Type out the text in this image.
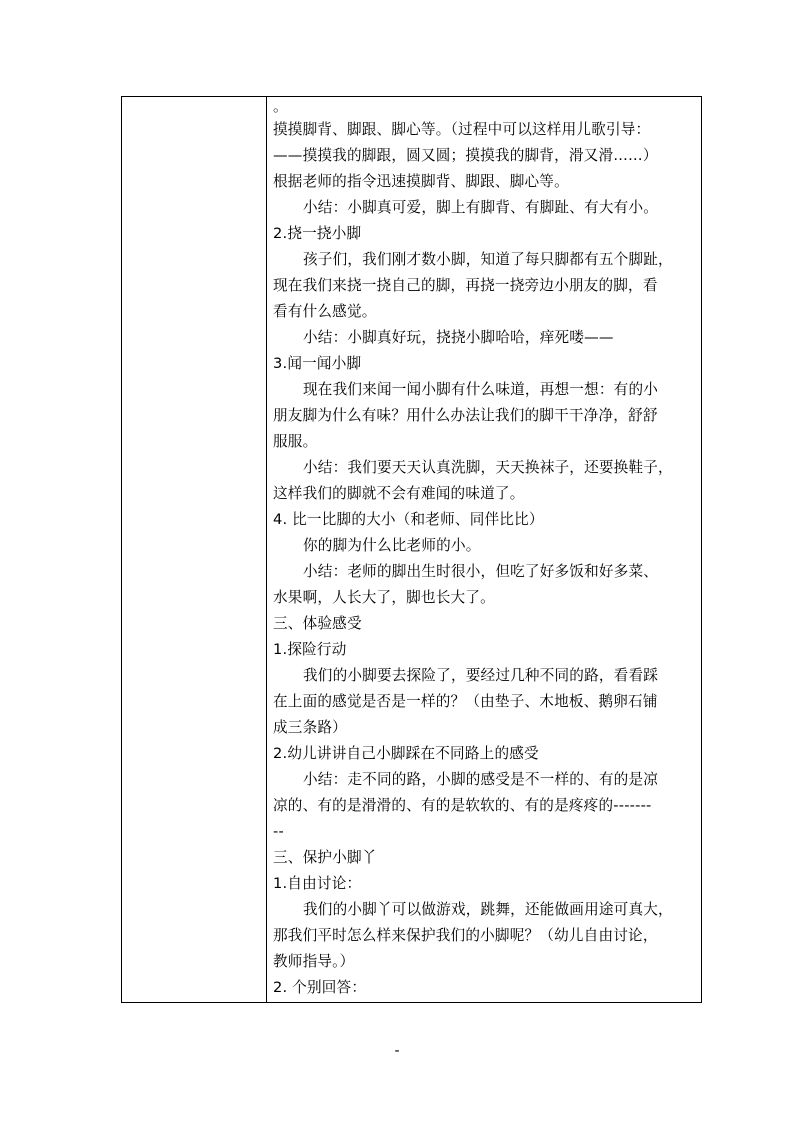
。
摸摸脚背、脚跟、脚心等。（过程中可以这样用儿歌引导：
——摸摸我的脚跟，圆又圆；摸摸我的脚背，滑又滑……）
根据老师的指令迅速摸脚背、脚跟、脚心等。
小结：小脚真可爱，脚上有脚背、有脚趾、有大有小。
2.挠一挠小脚
孩子们，我们刚才数小脚，知道了每只脚都有五个脚趾，
现在我们来挠一挠自己的脚，再挠一挠旁边小朋友的脚，看
看有什么感觉。
小结：小脚真好玩，挠挠小脚哈哈，痒死喽——
3.闻一闻小脚
现在我们来闻一闻小脚有什么味道，再想一想：有的小
朋友脚为什么有味？用什么办法让我们的脚干干净净，舒舒
服服。
小结：我们要天天认真洗脚，天天换袜子，还要换鞋子，
这样我们的脚就不会有难闻的味道了。
4. 比一比脚的大小（和老师、同伴比比）
你的脚为什么比老师的小。
小结：老师的脚出生时很小，但吃了好多饭和好多菜、
水果啊，人长大了，脚也长大了。
三、体验感受
1.探险行动
我们的小脚要去探险了，要经过几种不同的路，看看踩
在上面的感觉是否是一样的？（由垫子、木地板、鹅卵石铺
成三条路）
2.幼儿讲讲自己小脚踩在不同路上的感受
小结：走不同的路，小脚的感受是不一样的、有的是凉
凉的、有的是滑滑的、有的是软软的、有的是疼疼的-------
--
三、保护小脚丫
1.自由讨论：
我们的小脚丫可以做游戏，跳舞，还能做画用途可真大，
那我们平时怎么样来保护我们的小脚呢？（幼儿自由讨论，
教师指导。）
2. 个别回答：
-
